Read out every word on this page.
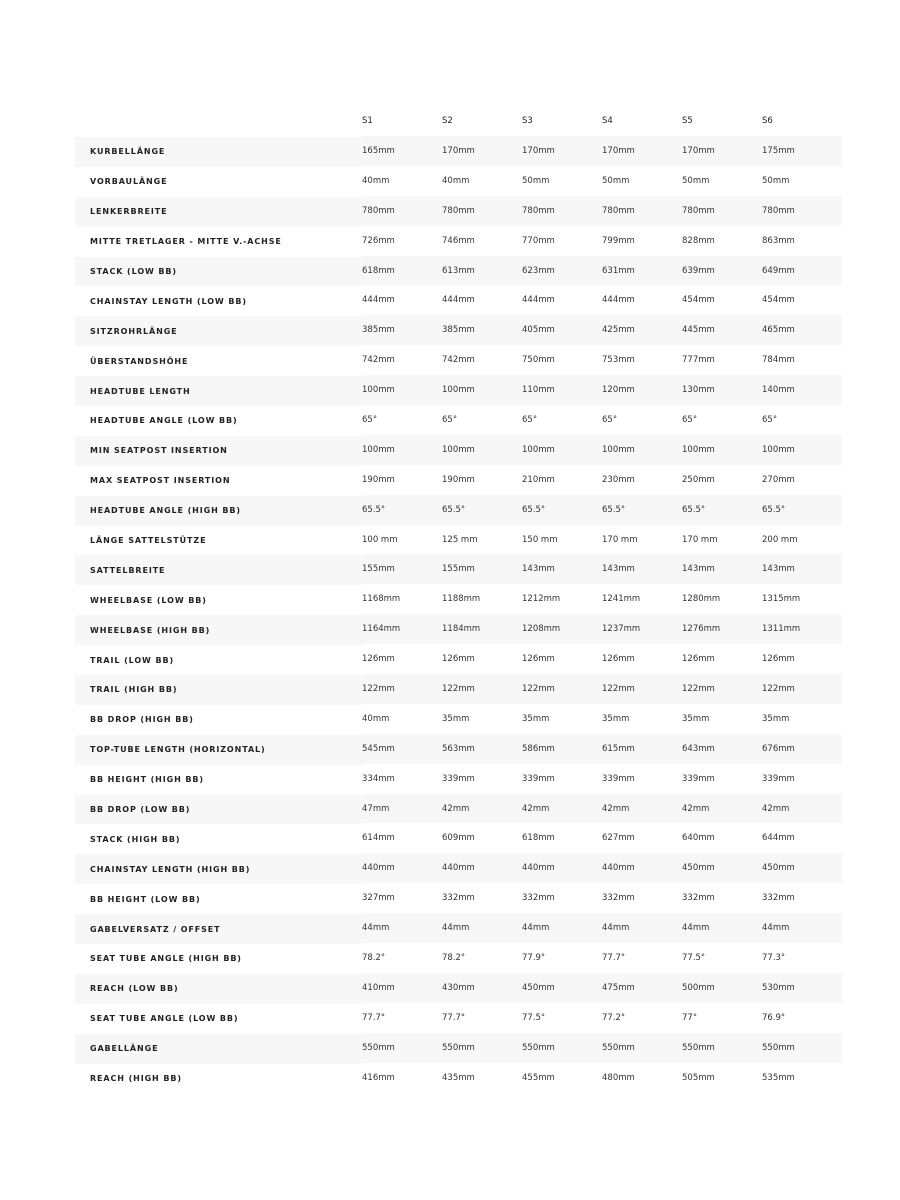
	S1	S2	S3	S4	S5	S6
KURBELLÄNGE	165mm	170mm	170mm	170mm	170mm	175mm
VORBAULÄNGE	40mm	40mm	50mm	50mm	50mm	50mm
LENKERBREITE	780mm	780mm	780mm	780mm	780mm	780mm
MITTE TRETLAGER - MITTE V.-ACHSE	726mm	746mm	770mm	799mm	828mm	863mm
STACK (LOW BB)	618mm	613mm	623mm	631mm	639mm	649mm
CHAINSTAY LENGTH (LOW BB)	444mm	444mm	444mm	444mm	454mm	454mm
SITZROHRLÄNGE	385mm	385mm	405mm	425mm	445mm	465mm
ÜBERSTANDSHÖHE	742mm	742mm	750mm	753mm	777mm	784mm
HEADTUBE LENGTH	100mm	100mm	110mm	120mm	130mm	140mm
HEADTUBE ANGLE (LOW BB)	65°	65°	65°	65°	65°	65°
MIN SEATPOST INSERTION	100mm	100mm	100mm	100mm	100mm	100mm
MAX SEATPOST INSERTION	190mm	190mm	210mm	230mm	250mm	270mm
HEADTUBE ANGLE (HIGH BB)	65.5°	65.5°	65.5°	65.5°	65.5°	65.5°
LÄNGE SATTELSTÜTZE	100 mm	125 mm	150 mm	170 mm	170 mm	200 mm
SATTELBREITE	155mm	155mm	143mm	143mm	143mm	143mm
WHEELBASE (LOW BB)	1168mm	1188mm	1212mm	1241mm	1280mm	1315mm
WHEELBASE (HIGH BB)	1164mm	1184mm	1208mm	1237mm	1276mm	1311mm
TRAIL (LOW BB)	126mm	126mm	126mm	126mm	126mm	126mm
TRAIL (HIGH BB)	122mm	122mm	122mm	122mm	122mm	122mm
BB DROP (HIGH BB)	40mm	35mm	35mm	35mm	35mm	35mm
TOP-TUBE LENGTH (HORIZONTAL)	545mm	563mm	586mm	615mm	643mm	676mm
BB HEIGHT (HIGH BB)	334mm	339mm	339mm	339mm	339mm	339mm
BB DROP (LOW BB)	47mm	42mm	42mm	42mm	42mm	42mm
STACK (HIGH BB)	614mm	609mm	618mm	627mm	640mm	644mm
CHAINSTAY LENGTH (HIGH BB)	440mm	440mm	440mm	440mm	450mm	450mm
BB HEIGHT (LOW BB)	327mm	332mm	332mm	332mm	332mm	332mm
GABELVERSATZ / OFFSET	44mm	44mm	44mm	44mm	44mm	44mm
SEAT TUBE ANGLE (HIGH BB)	78.2°	78.2°	77.9°	77.7°	77.5°	77.3°
REACH (LOW BB)	410mm	430mm	450mm	475mm	500mm	530mm
SEAT TUBE ANGLE (LOW BB)	77.7°	77.7°	77.5°	77.2°	77°	76.9°
GABELLÄNGE	550mm	550mm	550mm	550mm	550mm	550mm
REACH (HIGH BB)	416mm	435mm	455mm	480mm	505mm	535mm
